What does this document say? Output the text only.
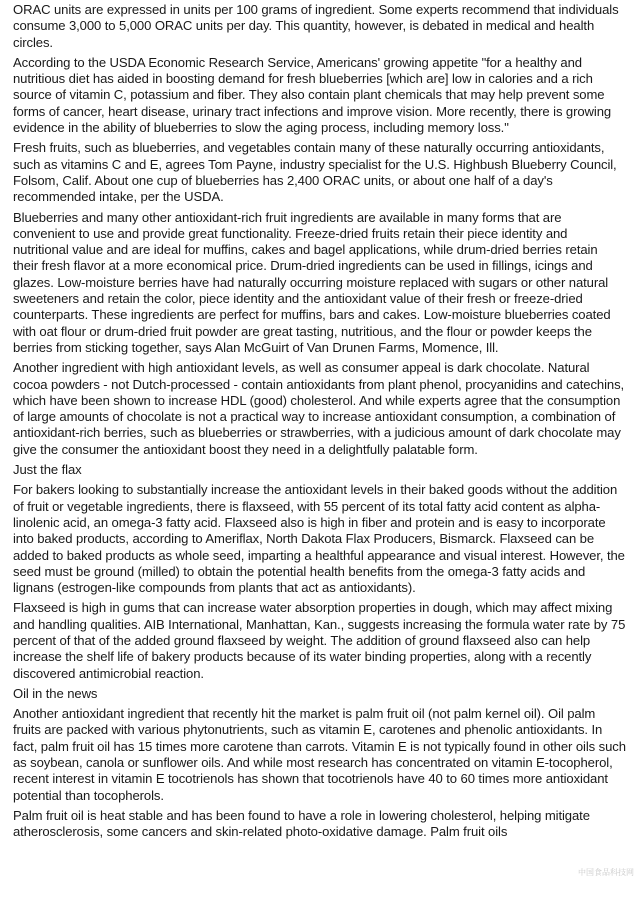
ORAC units are expressed in units per 100 grams of ingredient. Some experts recommend that individuals consume 3,000 to 5,000 ORAC units per day. This quantity, however, is debated in medical and health circles.
According to the USDA Economic Research Service, Americans' growing appetite "for a healthy and nutritious diet has aided in boosting demand for fresh blueberries [which are] low in calories and a rich source of vitamin C, potassium and fiber. They also contain plant chemicals that may help prevent some forms of cancer, heart disease, urinary tract infections and improve vision. More recently, there is growing evidence in the ability of blueberries to slow the aging process, including memory loss."
Fresh fruits, such as blueberries, and vegetables contain many of these naturally occurring antioxidants, such as vitamins C and E, agrees Tom Payne, industry specialist for the U.S. Highbush Blueberry Council, Folsom, Calif. About one cup of blueberries has 2,400 ORAC units, or about one half of a day's recommended intake, per the USDA.
Blueberries and many other antioxidant-rich fruit ingredients are available in many forms that are convenient to use and provide great functionality. Freeze-dried fruits retain their piece identity and nutritional value and are ideal for muffins, cakes and bagel applications, while drum-dried berries retain their fresh flavor at a more economical price. Drum-dried ingredients can be used in fillings, icings and glazes. Low-moisture berries have had naturally occurring moisture replaced with sugars or other natural sweeteners and retain the color, piece identity and the antioxidant value of their fresh or freeze-dried counterparts. These ingredients are perfect for muffins, bars and cakes. Low-moisture blueberries coated with oat flour or drum-dried fruit powder are great tasting, nutritious, and the flour or powder keeps the berries from sticking together, says Alan McGuirt of Van Drunen Farms, Momence, Ill.
Another ingredient with high antioxidant levels, as well as consumer appeal is dark chocolate. Natural cocoa powders - not Dutch-processed - contain antioxidants from plant phenol, procyanidins and catechins, which have been shown to increase HDL (good) cholesterol. And while experts agree that the consumption of large amounts of chocolate is not a practical way to increase antioxidant consumption, a combination of antioxidant-rich berries, such as blueberries or strawberries, with a judicious amount of dark chocolate may give the consumer the antioxidant boost they need in a delightfully palatable form.
Just the flax
For bakers looking to substantially increase the antioxidant levels in their baked goods without the addition of fruit or vegetable ingredients, there is flaxseed, with 55 percent of its total fatty acid content as alpha-linolenic acid, an omega-3 fatty acid. Flaxseed also is high in fiber and protein and is easy to incorporate into baked products, according to Ameriflax, North Dakota Flax Producers, Bismarck. Flaxseed can be added to baked products as whole seed, imparting a healthful appearance and visual interest. However, the seed must be ground (milled) to obtain the potential health benefits from the omega-3 fatty acids and lignans (estrogen-like compounds from plants that act as antioxidants).
Flaxseed is high in gums that can increase water absorption properties in dough, which may affect mixing and handling qualities. AIB International, Manhattan, Kan., suggests increasing the formula water rate by 75 percent of that of the added ground flaxseed by weight. The addition of ground flaxseed also can help increase the shelf life of bakery products because of its water binding properties, along with a recently discovered antimicrobial reaction.
Oil in the news
Another antioxidant ingredient that recently hit the market is palm fruit oil (not palm kernel oil). Oil palm fruits are packed with various phytonutrients, such as vitamin E, carotenes and phenolic antioxidants. In fact, palm fruit oil has 15 times more carotene than carrots. Vitamin E is not typically found in other oils such as soybean, canola or sunflower oils. And while most research has concentrated on vitamin E-tocopherol, recent interest in vitamin E tocotrienols has shown that tocotrienols have 40 to 60 times more antioxidant potential than tocopherols.
Palm fruit oil is heat stable and has been found to have a role in lowering cholesterol, helping mitigate atherosclerosis, some cancers and skin-related photo-oxidative damage. Palm fruit oils
中国食品科技网
